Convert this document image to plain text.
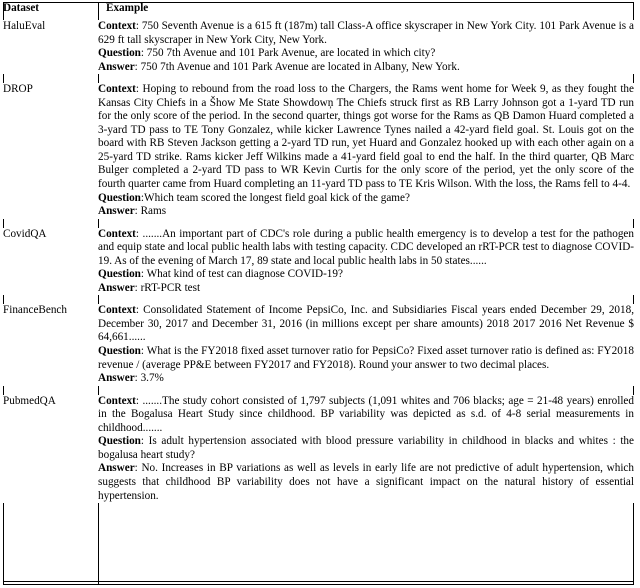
Dataset	Example

HaluEval	Context: 750 Seventh Avenue is a 615 ft (187m) tall Class-A office skyscraper in New York City. 101 Park Avenue is a 629 ft tall skyscraper in New York City, New York.

Question: 750 7th Avenue and 101 Park Avenue, are located in which city?

Answer: 750 7th Avenue and 101 Park Avenue are located in Albany, New York.

DROP	Context: Hoping to rebound from the road loss to the Chargers, the Rams went home for Week 9, as they fought the Kansas City Chiefs in a Šhow Me State Showdowņ The Chiefs struck first as RB Larry Johnson got a 1-yard TD run for the only score of the period. In the second quarter, things got worse for the Rams as QB Damon Huard completed a 3-yard TD pass to TE Tony Gonzalez, while kicker Lawrence Tynes nailed a 42-yard field goal. St. Louis got on the board with RB Steven Jackson getting a 2-yard TD run, yet Huard and Gonzalez hooked up with each other again on a 25-yard TD strike. Rams kicker Jeff Wilkins made a 41-yard field goal to end the half. In the third quarter, QB Marc Bulger completed a 2-yard TD pass to WR Kevin Curtis for the only score of the period, yet the only score of the fourth quarter came from Huard completing an 11-yard TD pass to TE Kris Wilson. With the loss, the Rams fell to 4-4.

Question:Which team scored the longest field goal kick of the game?

Answer: Rams

CovidQA	Context: .......An important part of CDC's role during a public health emergency is to develop a test for the pathogen and equip state and local public health labs with testing capacity. CDC developed an rRT-PCR test to diagnose COVID-19. As of the evening of March 17, 89 state and local public health labs in 50 states......

Question: What kind of test can diagnose COVID-19?

Answer: rRT-PCR test

FinanceBench	Context: Consolidated Statement of Income PepsiCo, Inc. and Subsidiaries Fiscal years ended December 29, 2018, December 30, 2017 and December 31, 2016 (in millions except per share amounts) 2018 2017 2016 Net Revenue $ 64,661......

Question: What is the FY2018 fixed asset turnover ratio for PepsiCo? Fixed asset turnover ratio is defined as: FY2018 revenue / (average PP&E between FY2017 and FY2018). Round your answer to two decimal places.

Answer: 3.7%

PubmedQA	Context: .......The study cohort consisted of 1,797 subjects (1,091 whites and 706 blacks; age = 21-48 years) enrolled in the Bogalusa Heart Study since childhood. BP variability was depicted as s.d. of 4-8 serial measurements in childhood.......

Question: Is adult hypertension associated with blood pressure variability in childhood in blacks and whites : the bogalusa heart study?

Answer: No. Increases in BP variations as well as levels in early life are not predictive of adult hypertension, which suggests that childhood BP variability does not have a significant impact on the natural history of essential hypertension.
